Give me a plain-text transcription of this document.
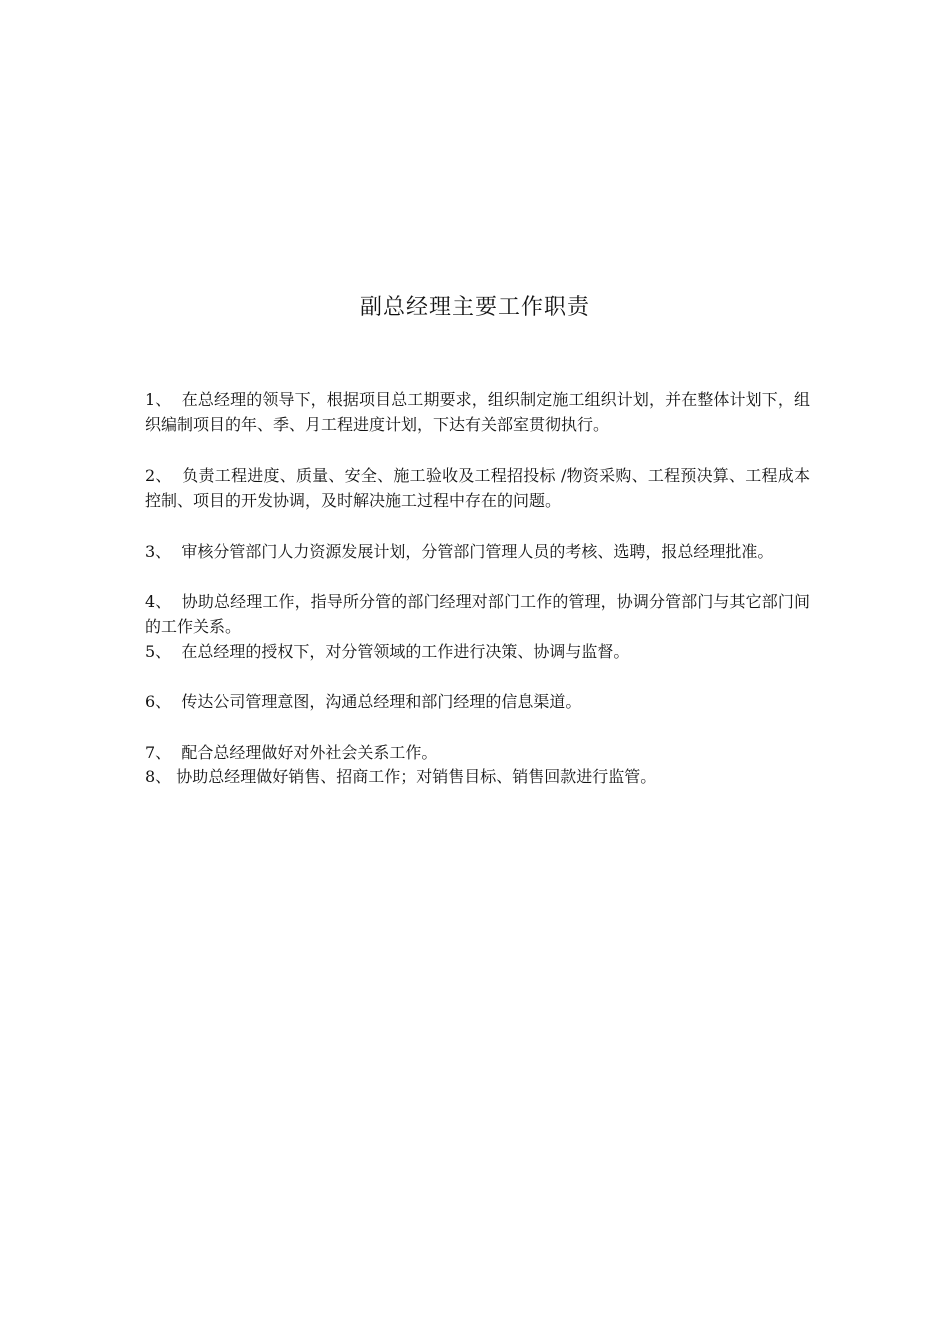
副总经理主要工作职责
1、  在总经理的领导下，根据项目总工期要求，组织制定施工组织计划，并在整体计划下，组织编制项目的年、季、月工程进度计划，下达有关部室贯彻执行。
2、  负责工程进度、质量、安全、施工验收及工程招投标 /物资采购、工程预决算、工程成本控制、项目的开发协调，及时解决施工过程中存在的问题。
3、  审核分管部门人力资源发展计划，分管部门管理人员的考核、选聘，报总经理批准。
4、  协助总经理工作，指导所分管的部门经理对部门工作的管理，协调分管部门与其它部门间的工作关系。
5、  在总经理的授权下，对分管领域的工作进行决策、协调与监督。
6、  传达公司管理意图，沟通总经理和部门经理的信息渠道。
7、  配合总经理做好对外社会关系工作。
8、 协助总经理做好销售、招商工作；对销售目标、销售回款进行监管。
